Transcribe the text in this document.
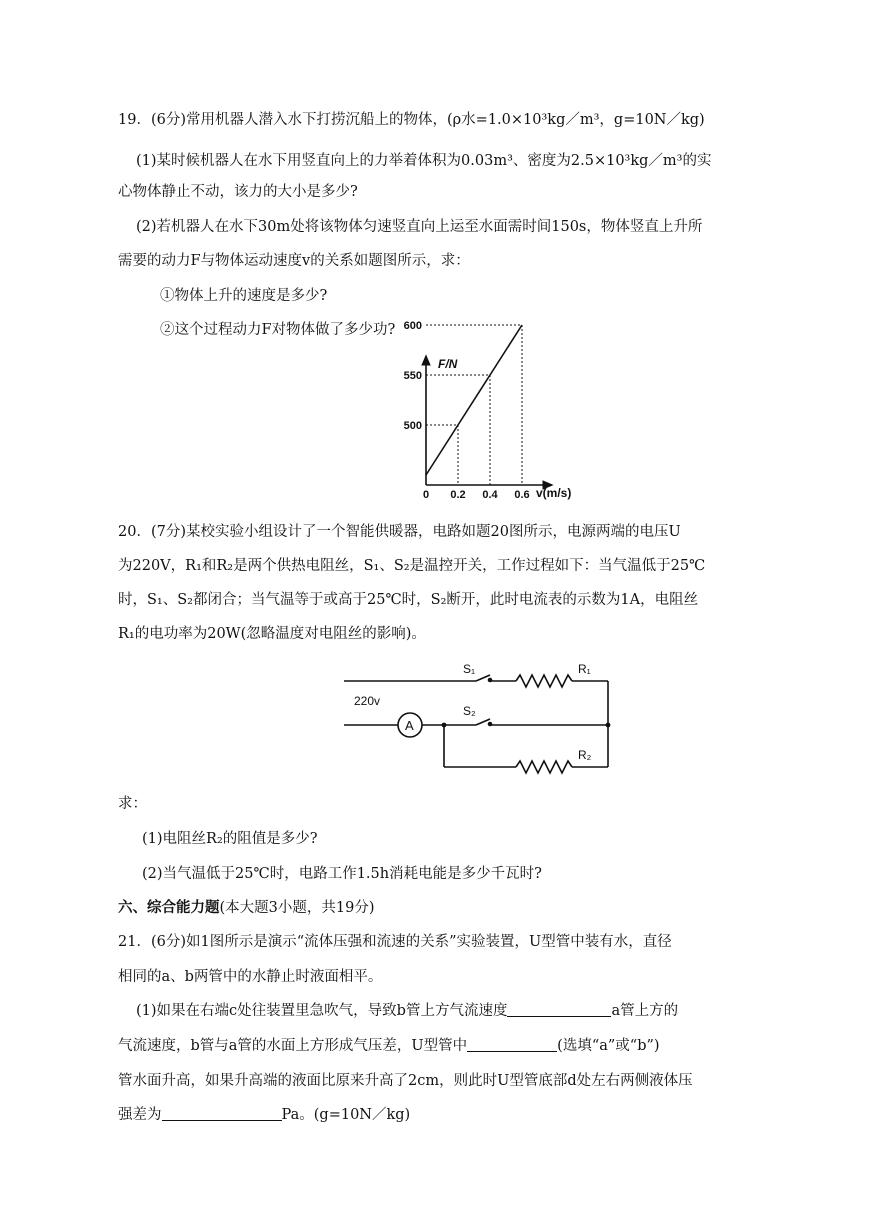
19．(6分)常用机器人潜入水下打捞沉船上的物体，(ρ水=1.0×10³kg／m³，g=10N／kg)
(1)某时候机器人在水下用竖直向上的力举着体积为0.03m³、密度为2.5×10³kg／m³的实
心物体静止不动，该力的大小是多少?
(2)若机器人在水下30m处将该物体匀速竖直向上运至水面需时间150s，物体竖直上升所
需要的动力F与物体运动速度v的关系如题图所示，求：
①物体上升的速度是多少?
②这个过程动力F对物体做了多少功?
F/N
v(m/s)
0 0.2 0.4 0.6
500
550
600
20．(7分)某校实验小组设计了一个智能供暖器，电路如题20图所示，电源两端的电压U
为220V，R₁和R₂是两个供热电阻丝，S₁、S₂是温控开关，工作过程如下：当气温低于25℃
时，S₁、S₂都闭合；当气温等于或高于25℃时，S₂断开，此时电流表的示数为1A，电阻丝
R₁的电功率为20W(忽略温度对电阻丝的影响)。
220v
A
S₁
S₂
R₁
R₂
求：
(1)电阻丝R₂的阻值是多少?
(2)当气温低于25℃时，电路工作1.5h消耗电能是多少千瓦时?
六、综合能力题(本大题3小题，共19分)
21．(6分)如1图所示是演示“流体压强和流速的关系”实验装置，U型管中装有水，直径
相同的a、b两管中的水静止时液面相平。
(1)如果在右端c处往装置里急吹气，导致b管上方气流速度	a管上方的
气流速度，b管与a管的水面上方形成气压差，U型管中	(选填“a”或“b”)
管水面升高，如果升高端的液面比原来升高了2cm，则此时U型管底部d处左右两侧液体压
强差为	Pa。(g=10N／kg)
